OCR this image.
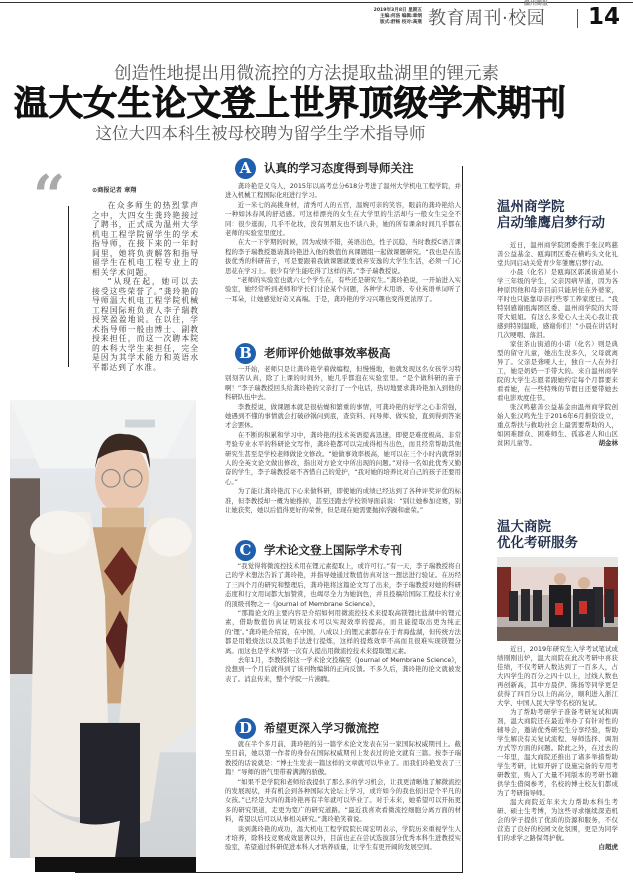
2019年3月8日 星期五
主编:何洛 编辑:章纲
版式:舒畅 校对:高燕
温州商报
教育周刊·校园 14
创造性地提出用微流控的方法提取盐湖里的锂元素
温大女生论文登上世界顶级学术期刊
这位大四本科生被母校聘为留学生学术指导师
“	⊙商报记者 章翔

在众多师生的热烈掌声之中，大四女生龚玲艳接过了聘书，正式成为温州大学机电工程学院留学生的学术指导师，在接下来的一年时间里，她将负责解答和指导留学生在机电工程专业上的相关学术问题。

“从现在起，她可以去接受这些荣誉了。”龚玲艳的导师温大机电工程学院机械工程国际班负责人李子瑞教授笑盈盈地说。在以往，学术指导师一般由博士、副教授来担任，而这一次聘本院的本科大学生来担任，完全是因为其学术能力和英语水平都达到了水准。

A	认真的学习态度得到导师关注

龚玲艳是义乌人，2015年以高考总分618分考进了温州大学机电工程学院，并进入机械工程国际化班进行学习。

近一米七的高挑身材，清秀可人的五官，温婉可亲的笑容，眼前的龚玲艳给人一种如沐春风的舒适感。可这样漂亮的女生在大学里的生活却与一般女生完全不同：很少逛街，几乎不化妆，没有男朋友也不谈八卦，她的所有课余时间几乎都在老师的实验室里度过。

在大一下学期的时候，因为成绩不错，英语出色，性子沉稳，当时教授C语言课程的李子瑞教授邀请龚玲艳进入他的数值仿真课题组一起做课题研究。“我也是在选拔优秀的科研苗子，可是要跟着我做课题就要放弃安逸的大学生生活，必须一门心思花在学习上。很少有学生能吃得了这样的苦。”李子瑞教授说。

“老师的实验室也就六七个学生在，有些还是研究生。”龚玲艳说，一开始进入实验室，她经常听到老师和学长们讨论某个问题，各种学术用语、专业英语单词听了一耳朵，让她感觉好奇又高端。于是，龚玲艳的学习兴趣也变得更浓厚了。

B	老师评价她做事效率极高

一开始，老师只是让龚玲艳学着做编程，但慢慢地，他就发现这名女孩学习特别刻苦认真，除了上课的时间外，她几乎都泡在实验室里。“是个做科研的苗子啊！”李子瑞教授回头给龚玲艳的父亲打了一个电话，热切地要求龚玲艳加入到他的科研队伍中去。

李教授说，做课题本就是很枯燥和繁重的事情，可龚玲艳的好学之心非常强，她遇到不懂的事情就会打破砂锅问到底，查资料、问导师、做实验，直到得到答案才会罢休。

在不断的积累和学习中，龚玲艳的技术英语提高迅速，即使是难度极高、非常考验专业水平的科研论文写作，龚玲艳都可以完成得相当出色，而且经常帮助其他研究生甚至是学校老师做论文修改。“她做事效率极高，她可以在三个小时内就帮别人的全英文论文做出修改，指出对方论文中所出现的问题。”对待一名如此优秀又勤奋的学生，李子瑞教授毫不吝惜自己的爱护，“我对她的培养比对自己的孩子还要用心。”

为了能让龚玲艳沉下心来做科研，即使她的成绩已经达到了各种评奖评优的标准，但李教授却一概为她推掉，甚至还跑去学校领导面前说：“别让她参加竞赛，别让她获奖，她以后值得更好的荣誉，但是现在她需要抛掉浮躁和虚荣。”

C	学术论文登上国际学术专刊

“我觉得将微流控技术用在锂元素提取上，或许可行。”有一天，李子瑞教授将自己的学术想法告诉了龚玲艳，并指导她通过数值仿真对这一想法进行验证。在历经了三四个月的研究和整理后，龚玲艳将这篇论文写了出来，李子瑞教授对她的科研态度和行文用词都大加赞赏，也竭尽全力为她润色，并且投稿给国际工程技术行业的顶级刊物之一《Journal of Membrane Science》。

“那篇论文的主要内容是介绍如何用微流控技术来提取高镁锂比盐湖中的锂元素，借助数值仿真证明该技术可以实现效率的提高，而且能提取出更为纯正的‘锂’。”龚玲艳介绍说，在中国，八成以上的锂元素都存在于青海盐湖，但传统方法都是用煅烧法以及其他手法进行提炼，这样的提炼效率不高而且很难实现镁锂分离。而这也是学术界第一次有人提出用微流控技术来提取锂元素。

去年1月，李教授将这一学术论文投稿至《Journal of Membrane Science》，没想到一个月后就得到了该刊物编辑的正向反馈。不多久后，龚玲艳的论文就被发表了。消息传来，整个学院一片沸腾。

D	希望更深入学习微流控

就在半个多月前，龚玲艳的另一篇学术论文发表在另一家国际权威期刊上。截至目前，她以第一作者的身份在国际权威期刊上发表过的论文就有三篇。按李子瑞教授的话说就是：“博士生发表一篇这样的文章就可以毕业了。而我们玲艳发表了三篇！”导师的语气里带着满满的骄傲。

“如果不是学院和老师给我提供了那么多的学习机会，让我更清晰地了解微流控的发展现状，并有机会到各种国际大论坛上学习，或许如今的我也依旧是个平凡的女孩。”已经是大四的龚玲艳再有半年就可以毕业了。对于未来，她希望可以开拓更多的研究渠道，走更为宽广的研究道路。“最近我喜欢看微流控细胞分离方面的材料，希望以后可以从事相关研究。”龚玲艳笑着说。

谈到龚玲艳的成功，温大机电工程学院院长周宏明表示，学院历来重视学生人才培养，除科技竞赛成效显著以外，目前也正在尝试选拔部分优秀本科生进教授实验室，希望通过科研促进本科人才培养质量，让学生有更开阔的发展空间。

温州商学院
启动雏鹰启梦行动

近日，温州商学院团委携手张汉鸣慈善公益基金、瓯海团区委在横屿头文化礼堂共同启动关爱青少年雏鹰启梦行动。

小晨（化名）是瓯海区郭溪街道某小学三年级的学生，父亲因病早逝，因为各种原因他和母亲目前只能居住在外婆家，平时也只能靠母亲打些零工养家度日。“我特别感谢瓯海团区委、温州商学院的大哥哥大姐姐。有这么多爱心人士关心我让我感到特别温暖，感谢你们！”小晨在讲话时几次哽咽、落泪。

家住茶山街道的小诺（化名）则是典型的留守儿童，她出生没多久，父母就离异了。父亲是聋哑人士，独自一人在外打工，她是奶奶一手带大的。来自温州商学院的大学生志愿者跟她约定每个月都要来看看她，在一些特殊的节假日还要带她去看电影欢度佳节。

张汉鸣慈善公益基金由温州商学院创始人张汉鸣先生于2016年6月捐资设立，重点帮扶与救助社会上最需要帮助的人，如困难群众、困难师生、孤寡老人和山区贫困儿童等。	胡金林

温大商院
优化考研服务

近日，2019年研究生入学考试笔试成绩刚刚出炉，温大商院在此次考研中喜获佳绩，不仅考研人数达到了一百多人，占大四学生的百分之四十以上，过线人数也再创新高，其中方晨伊、陈扬等同学更是获得了四百分以上的高分，顺利进入浙江大学、中国人民大学等名校的复试。

为了帮助考研学子准备考研复试和调剂，温大商院还在最近举办了有针对性的辅导会，邀请优秀研究生分享经验，帮助学生解决有关复试流程、导师选择、调剂方式等方面的问题。除此之外，在过去的一年里，温大商院还推出了诸多举措帮助学生考研，比如开辟了设施完备的专用考研教室，购入了大量不同版本的考研书籍供学生借阅参考，名校的博士校友们都成为了考研指导师。

温大商院近年来大力帮助本科生考研、硕士生考博，为这些寻求继续深造机会的学子提供了优质的资源和服务，不仅营造了良好的校园文化氛围，更是为同学们的求学之路保驾护航。

白超虎
